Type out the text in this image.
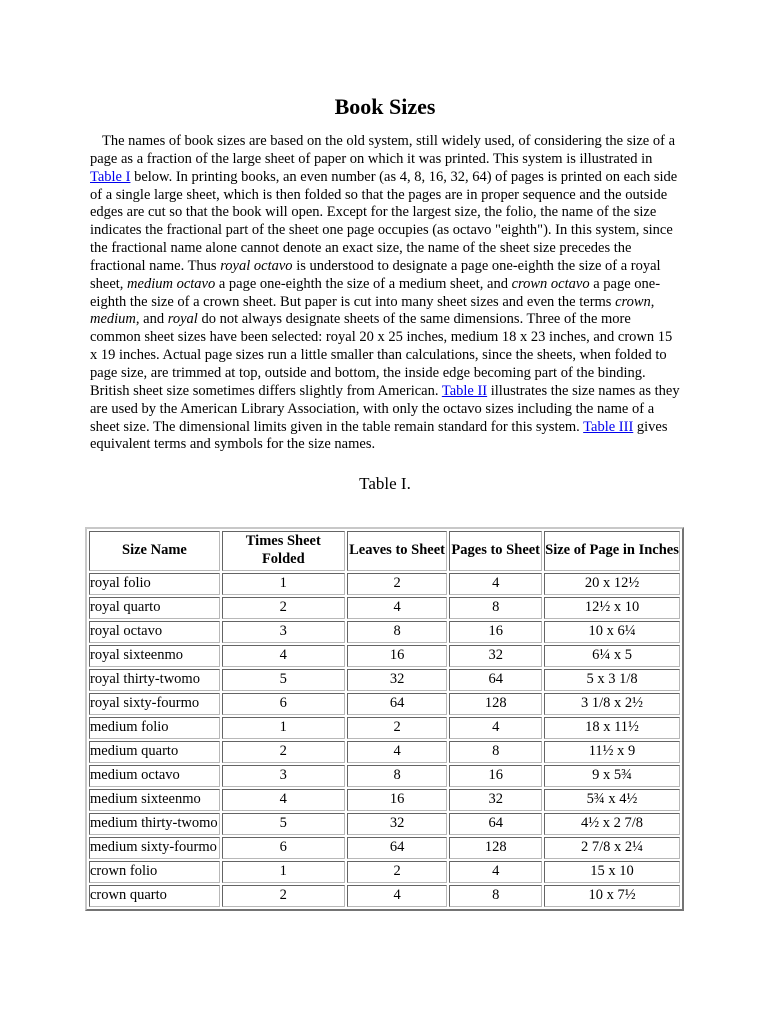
Book Sizes

The names of book sizes are based on the old system, still widely used, of considering the size of a page as a fraction of the large sheet of paper on which it was printed. This system is illustrated in Table I below. In printing books, an even number (as 4, 8, 16, 32, 64) of pages is printed on each side of a single large sheet, which is then folded so that the pages are in proper sequence and the outside edges are cut so that the book will open. Except for the largest size, the folio, the name of the size indicates the fractional part of the sheet one page occupies (as octavo "eighth"). In this system, since the fractional name alone cannot denote an exact size, the name of the sheet size precedes the fractional name. Thus royal octavo is understood to designate a page one-eighth the size of a royal sheet, medium octavo a page one-eighth the size of a medium sheet, and crown octavo a page one-eighth the size of a crown sheet. But paper is cut into many sheet sizes and even the terms crown, medium, and royal do not always designate sheets of the same dimensions. Three of the more common sheet sizes have been selected: royal 20 x 25 inches, medium 18 x 23 inches, and crown 15 x 19 inches. Actual page sizes run a little smaller than calculations, since the sheets, when folded to page size, are trimmed at top, outside and bottom, the inside edge becoming part of the binding. British sheet size sometimes differs slightly from American. Table II illustrates the size names as they are used by the American Library Association, with only the octavo sizes including the name of a sheet size. The dimensional limits given in the table remain standard for this system. Table III gives equivalent terms and symbols for the size names.

Table I.
Size Name	Times Sheet Folded	Leaves to Sheet	Pages to Sheet	Size of Page in Inches
royal folio	1	2	4	20 x 12½
royal quarto	2	4	8	12½ x 10
royal octavo	3	8	16	10 x 6¼
royal sixteenmo	4	16	32	6¼ x 5
royal thirty-twomo	5	32	64	5 x 3 1/8
royal sixty-fourmo	6	64	128	3 1/8 x 2½
medium folio	1	2	4	18 x 11½
medium quarto	2	4	8	11½ x 9
medium octavo	3	8	16	9 x 5¾
medium sixteenmo	4	16	32	5¾ x 4½
medium thirty-twomo	5	32	64	4½ x 2 7/8
medium sixty-fourmo	6	64	128	2 7/8 x 2¼
crown folio	1	2	4	15 x 10
crown quarto	2	4	8	10 x 7½
